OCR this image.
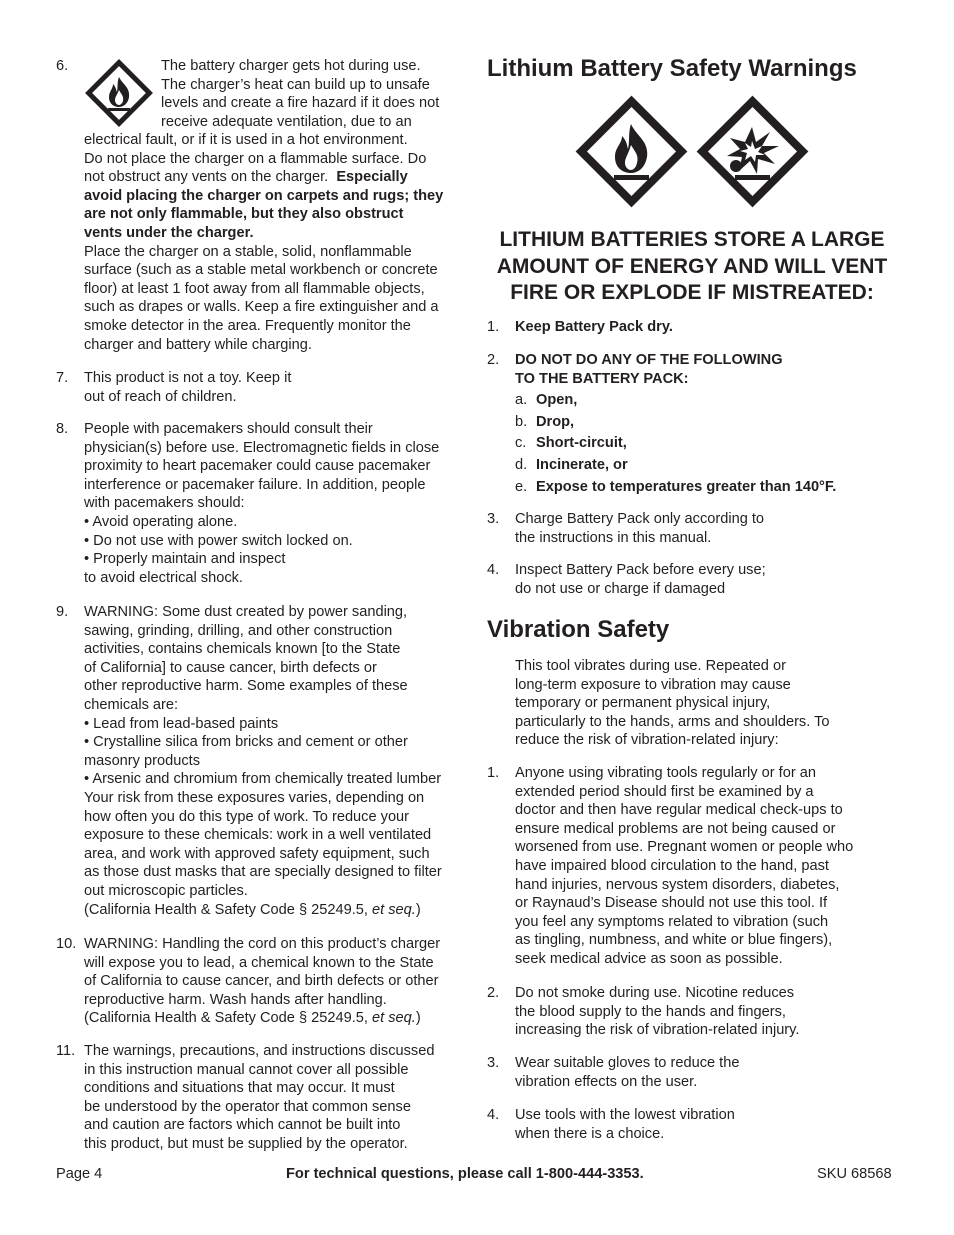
6.	The battery charger gets hot during use.
The charger’s heat can build up to unsafe
levels and create a fire hazard if it does not
receive adequate ventilation, due to an
electrical fault, or if it is used in a hot environment.
Do not place the charger on a flammable surface. Do
not obstruct any vents on the charger. Especially
avoid placing the charger on carpets and rugs; they
are not only flammable, but they also obstruct
vents under the charger.
Place the charger on a stable, solid, nonflammable
surface (such as a stable metal workbench or concrete
floor) at least 1 foot away from all flammable objects,
such as drapes or walls. Keep a fire extinguisher and a
smoke detector in the area. Frequently monitor the
charger and battery while charging.
7. This product is not a toy. Keep it
out of reach of children.
8. People with pacemakers should consult their
physician(s) before use. Electromagnetic fields in close
proximity to heart pacemaker could cause pacemaker
interference or pacemaker failure. In addition, people
with pacemakers should:
• Avoid operating alone.
• Do not use with power switch locked on.
• Properly maintain and inspect
to avoid electrical shock.
9. WARNING: Some dust created by power sanding,
sawing, grinding, drilling, and other construction
activities, contains chemicals known [to the State
of California] to cause cancer, birth defects or
other reproductive harm. Some examples of these
chemicals are:
• Lead from lead-based paints
• Crystalline silica from bricks and cement or other
masonry products
• Arsenic and chromium from chemically treated lumber
Your risk from these exposures varies, depending on
how often you do this type of work. To reduce your
exposure to these chemicals: work in a well ventilated
area, and work with approved safety equipment, such
as those dust masks that are specially designed to filter
out microscopic particles.
(California Health & Safety Code § 25249.5, et seq.)
10. WARNING: Handling the cord on this product’s charger
will expose you to lead, a chemical known to the State
of California to cause cancer, and birth defects or other
reproductive harm. Wash hands after handling.
(California Health & Safety Code § 25249.5, et seq.)
11. The warnings, precautions, and instructions discussed
in this instruction manual cannot cover all possible
conditions and situations that may occur. It must
be understood by the operator that common sense
and caution are factors which cannot be built into
this product, but must be supplied by the operator.
Lithium Battery Safety Warnings
LITHIUM BATTERIES STORE A LARGE
AMOUNT OF ENERGY AND WILL VENT
FIRE OR EXPLODE IF MISTREATED:
1. Keep Battery Pack dry.
2. DO NOT DO ANY OF THE FOLLOWING
TO THE BATTERY PACK:
a. Open,
b. Drop,
c. Short-circuit,
d. Incinerate, or
e. Expose to temperatures greater than 140°F.
3. Charge Battery Pack only according to
the instructions in this manual.
4. Inspect Battery Pack before every use;
do not use or charge if damaged
Vibration Safety
This tool vibrates during use. Repeated or
long-term exposure to vibration may cause
temporary or permanent physical injury,
particularly to the hands, arms and shoulders. To
reduce the risk of vibration-related injury:
1. Anyone using vibrating tools regularly or for an
extended period should first be examined by a
doctor and then have regular medical check-ups to
ensure medical problems are not being caused or
worsened from use. Pregnant women or people who
have impaired blood circulation to the hand, past
hand injuries, nervous system disorders, diabetes,
or Raynaud’s Disease should not use this tool. If
you feel any symptoms related to vibration (such
as tingling, numbness, and white or blue fingers),
seek medical advice as soon as possible.
2. Do not smoke during use. Nicotine reduces
the blood supply to the hands and fingers,
increasing the risk of vibration-related injury.
3. Wear suitable gloves to reduce the
vibration effects on the user.
4. Use tools with the lowest vibration
when there is a choice.
Page 4	For technical questions, please call 1-800-444-3353.	SKU 68568
